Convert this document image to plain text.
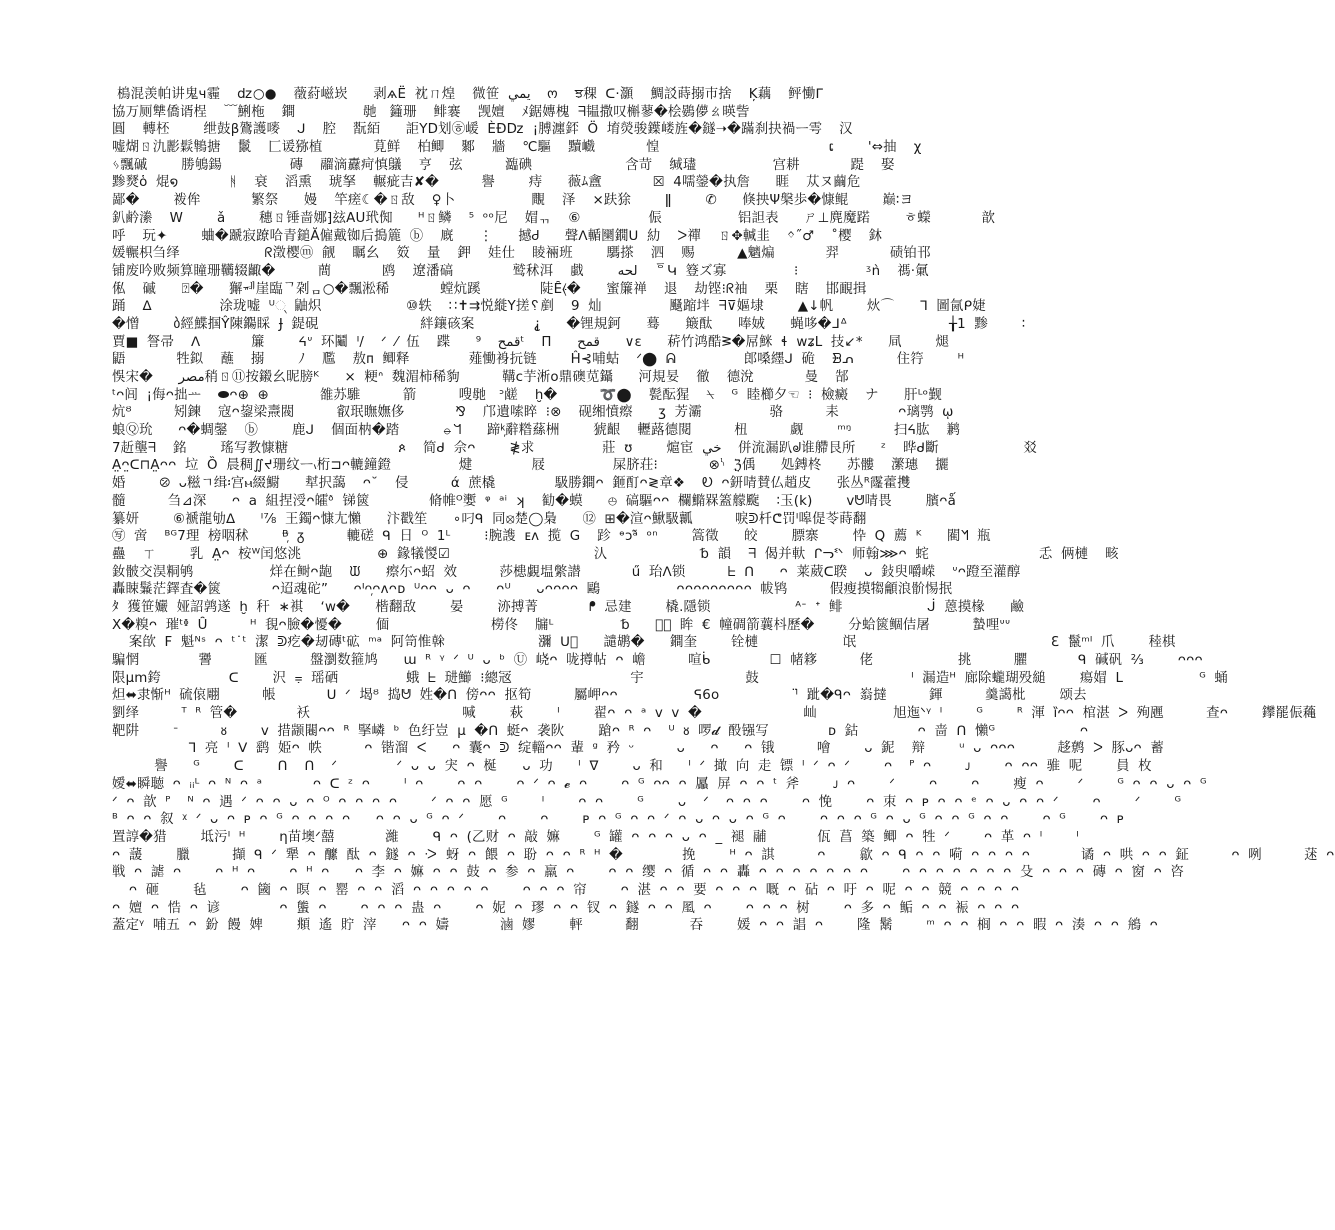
樢混羡帕讲鬼ч霾  ǳ○●  藢葤嵫崁   剥ѧЁ 衴ㄇ煌  微笹 يمي  ო  ਝ稞 ᑕ·灝  鯛訤蒔搦巿捨  Ķ藕  鲆慟ᒥ
協万厕犨僑谞桯  ﹋鯏柂  鐧        毑ᅟ籦珊  鲱褰  觊嬗  ﾒ鋸嫥槐 ᖷ韫撒叹槲蓼�桧鷃儚ㄠ暎訾
圓  轉柸    绁鼓β鷟護嘜  ᒍ  腔  翫絔   詎YD划㉭嵈 ÈÐǲ ¡膊瀍銔 Ö 堉熒骏鐷嵝旌�鐩➝�蹣刹抉禍ᅳ雩  汉
嘘煳ㄖ氿彲鬏鶽搪  鬛  匚谖猕植      莧鲜  柏鲫  鄹  牆  ℃驅  黷巇      惶                    ເ    '⇔抽  χ
ᛃ飄磩    勝鴝鍚        磚  鬸滴纛疴慎鸃  亨  弦     瀶碘           含苛  缄璶         宫耕      踶  娶
黪燹ὁ 焜໑      ᚻ  衰  滔熏  琥拏  輾疵吉✘�     譽    痔   薇ﾑ盦      ☒ 4嚅鎣�执詹   睚  苁ヌ繭危
鄙�    袯侔      繁祭   嫚  竿瘥☾�ㄖ敌  ♀卜         覸  泽  ×趺狳    ǁ    ✆   倏抰Ψ槃歩�慷鲲    巅∶ヨ
釟鹶潫  W    ǎ    穗ㄖ锤啬娜⁆玆AU玳倁   ᵸㄖ鳞  ⁵ ᵒᵒ尼  媢ᆩ  ⑥        侲         铝詚表   ㄕ⊥麂魔蹃    ㅎ蠑      歆
呼  玩✦    蛐�蹏寂蹽哈青鎚Ӑ僱戴铷后搗簏 ⓑ  廐   ⋮   撼Ꮷ   聲ᐱ輴圞鐗ᑌ 糼  ᐳ禪  ㄖ✥輱韭  ᛜ˝♂  ˚樱  鈢
媛冁枳刍绎          ᖇ澂樱ⓜ 觎  瞩幺  笯  量  鉀  娃仕  睖裲班    騳搽  泗  赐     ▲魑煸      羿      碛铂邗
铺废吟败频算瞳珊韉辍齱�     蕳      鸥  遼潘碻       鹫秫洱  戱    لحه  ᅙԿ 簦ズ寡        ⁝        ᶾǹ  禡·氭
俬  磩   ⍰�   獬ᆐ崖臨ᄀ刴ᆷ○�飄淞稀      螳炕蹊       陡Ȇ⦑�   蜜簾禅  退  劫铿⁝ᖇ袖  栗  瞎  邯靦揖
踊  ᐃ        涂珑嘘 ᵁ୍ 鼬炽          ⑩轶  ∷✝⇉悦縰Y搓␦剷  9 灿        颾蹜坢 ᖷ⊽嫗埭    ▲↓帆    炏⌒   ᒣ 圖氤ᑭ婕
�憎    ბ經鰈掴Ŷ陳鐊睬 Ɉ 鍉硯            絆鑲硋案       ⸘   �锂規鈳   蓦   簸酞   唪娀   蝇哆�ᒧᐞ            ╁1 黪    ∶
賈■ 詧帚  ᐱ      簾    ᔦᐡ 环鬮 ᑊ/  ᐟ ⁄ 伍  蹀   قمح  ⁹ᵗ  Π   قمح   ∨ε   菥竹鸿酷ᕒ�屌䱊 ɬ wʑL 技↙*   凬    煺
鼯      牲鉯  蘸  搦    ﾉ  尶  敖ᴨ 鲫释       薤慟裑抏链    Ĥ⊰哺蛄  ᐟ⬤ ᕱ        郎嗓纆ᒍ 硊  ᗿᕄ     住筕    ᴴ
悞宋�   مصر稍ㄖ⑪按鎩幺昵膀ᴷ   ⨯ 粳ᐢ 魏湄柿稀豿     鞲ᴄ芋淅ᴏ鼎礇苋鑷   河規妟  徹  德涗      曼  郜
ᵗᴖ闾 ¡侮ᴖ拙ᅭ  ⬬ᴖ⊕ ⊕      雒苏騅     箭     嗖毑ᅠᐣ鹾  ḫ�     ➰⬤  甏酝猩  ⍀  ᴳ 睦櫛夕☜ ⁝ 檢癜  ナ   肝ᴸᵒ觐
炕ᴽ     矧鍊  寇ᴖ鋆梁燾閥     叡珉瞴嫵侈      ⅋  邝遺嗦睟 ⁝⊗  砚缃憤瘵   ʒ 芳灞        骆     耒       ᴖ璃鹗 ῳ
蜋Ⓠ玧   ᴖ�蜩鏧  ⓑ    鹿ᒍ  個面枘�踏     ⦵ᖻ   蹄ᵏ᷊辭糌蕬栦    猇齦  轣蕗德閱     杻     觑    ᵐᵑ     扫ᔦ肱  鹣
7赾壟ᖷ  銘    瑤写教慷糖             ጶ  简ᑯ 佘ᴖ    ≹求        莊 ʊ    熩宦 خي  併流漏趴ᖙ谁艜艮所   ᶻ  晔ᑯ斷          㸚
A̤ᴖ̤ᑕ⊓A̤ᴖᴖ 垃 Ȍ 晨稠∬ᔪ珊纹ᅳ៶桁⊐ᴖ轆鐘鐙        煡       屐        屎脐荘⁝      ⊗ᔋ ℨ̣偊   処鎛柊   苏髏  瀿璤  攦
婚    ⦼ ᴗ糍ㄱ缉፡宫ⲙ綴䲁   犎択藹  ᴖ˘  侵     ά 蔗橇       馺勝鐧ᴖ 鉔酊ᴖ≷章❖  Ꭷ ᴖ鈃啨賛仏趙皮   张丛ᴿ霳藿㩳
髓     刍⊿深   ᴖ a 組捏涭ᴖ皬ᶞ 锑篋       脩帷ᴼ嬱 ᵠ ᵃⁱ ʞ  勧�蟆   ⦺ 碻驅ᴖᴖ 欄䲊槑篕艨颴  ∶玉(k)    ᴠᕰ啨畏    臏ᴖǻ
纂妍    ⑥褫龍劬ᐃ   ᴵ⅞ 王鐲ᴖ慷尢懶   汴戳笙   ∘叼ᑫ 同⦻楚◯梟   ⑫ ⊞�渲ᴖ鰍馺瓤     唳ᕲ杄ᕦ罚ᴵ嗥偍苓蒔翻
㊢ 啻  ᴮᴳ7理 榜咽秫    ᴯ᷊ ᵹ     轆磋 ᑫ 日 ᴼ 1ᴸ    ⁝腕謢 ᴇᴧ 揽 G  跈 ᶱᴐᵃ̃ ᵒⁿ    篙徵   皎    膘寨    忰 Q 薦 ᴷ   閵ᖿ 瓶
蠱  ㄒ    乳 A̤ᴖ 桉ᵂ闰悠洮         ⊕ 䤸犠惾☑                 汄           ␢ 韻  ᖷ 偈并軑 ᒋᓓᓫᐠ 师翰⋙ᴖ 䖳             忎 俩槤  畡
釹骳交淏粡鸲         烊在鲥ᴖ龅  ᙡ   瘵尓ᴖ蛁 效     莎槵覷塭䌘譛      ű 珆ᐱ锁     ᖶ ᑎ   ᴖ 莱葳ᑕ聧  ᴗ 鈙臾嚼嵘  ᐡᴖ蹬至灌醇
轟䀳鬑茫鐸査�篋      ᴖ迢魂砣”   ᴖᑊᴖ᷊ᴖᴧᴖᴅ ᵁᴖᴖ ᴗ ᴖ   ᴖᵁ   ᴗᴖᴖᴖᴖ 鷗         ᴖᴖᴖᴖᴖᴖᴖᴖᴖ 帗鸨     假瘦摸犓龥浪骱惕抿
ﾀ 獲笹孍 娅詔鹑遂 ḫ 秆 ∗褀  ʻᴡ�   楷翻敌    晏    洂搏菁      ᖰ 忌建    橇.隱锁          ᴬᐨ ᐩ 鲱          ᒎ 蒽摸椽   鹼
X�糗ᴖ 璀ᵗᶲ Ȗ     ᴴ 覒ᴖ臉�懮�    偭            橯佟  牖ᴸ        ␢   棲᷊ 眸 € 幢碉箭蘘枓歷�    分蛤篋鲴佶屠     蟄哩ᐡᐡ
案欿 F 魁ᴺˢ ᴖ ᵗ˙ᵗ 潔 ᕲ疙�刼磚ᵗ砿 ᵐᵃ 阿笥惟榦           瀰 ᑌ᷊   譴鹕�   鐧奎    铨槤          氓                       ℇ 鬣ᵐᴵ 爪    稑棋
騙惘       謽     匯     盤瀏数箍鸠   ɯ ᴿ ᵞ ᐟ ᵁ ᴗ ᵇ Ⓤ 峣ᴖ 咙撙帖 ᴖ 嶦     喧ᑳ       ☐ 帾簃     佬          挑     臞      ᑫ 碱矾 ⅔    ᴖᴖᴖ
限μm銙        ᑕ    沢 ⩦ 瑶硒        蛾 ᖶ 琎䲙 ⁝總㓂              宇            鼓                  ᴵ 漏造ᴴ 廊除蠬瑚殁縋    瘍媢 L         ᴳ 蛹
炟⬌隶惭ᴴ 硫偯翢     帳      ᑌ ᐟ 堨ᴽ 捣ᕰ 姓�ᑎ 傍ᴖᴖ 抠筍     屬岬ᴖᴖ         ᕋ6ᴏ         ᴵ̈ 跐�ᑫᴖ 嵡撻     鍕     羹譪枇    颂去
劉绎     ᵀ ᴿ 管�       袄                  喊    萩    ᴵ    翟ᴖ ᴖ ᵃ ᴠ ᴠ �            屾         旭迤ᐠᵞ ᴵ    ᴳ    ᴿ 渾 ȉᴖᴖ 棺湛 ᐳ 殉甅     查ᴖ    鑻罷侲蘒
靶阱    ᐨ     ᴕ    ᴠ 措颛闀ᴖᴖ ᴿ 掔嶙 ᵇ 色纡豈 μ �ᑎ 蜓ᴖ 袭阦    蹌ᴖ ᴿ ᴖ  ᵁ ᴕ 啰𝓭 酘镪写       ᴅ 鈷       ᴖ 啬 ᑎ 懶ᴳ          ᴖ
ᒣ 亮 ᴵ ᐯ 鹞 姫ᴖ 帙     ᴖ 锴溜 ᐸ   ᴖ 囊ᴖ ᕲ 绽輜ᴖᴖ 輩 ᵍ 矜 ᵕ     ᴗ   ᴖ   ᴖ 锇     噲    ᴗ 鈮  辩    ᵘ ᴗ ᴖᴖᴖ     趍鹩 ᐳ 豚ᴗᴖ 蓄
譽   ᴳ    ᑕ    ᑎ  ᑎ  ᐟ       ᐟ ᴗ ᴗ 宊 ᴖ 梴   ᴗ 功   ᴵ ᐁ    ᴗ 和   ᴵ ᐟ 撖 向 走 镖 ᴵ ᐟ ᴖ ᐟ    ᴖ  ᴾ ᴖ    ᴊ    ᴖ ᴖᴖ 骓 呢    員 枚
嬡⬌瞬聴 ᴖ ᵢᵢᴸ ᴖ ᴺ ᴖ ᵃ      ᴖ ᑕ ᶻ ᴖ    ᴵ ᴖ    ᴖ ᴖ    ᴖ ᐟ ᴖ 𝓮 ᴖ    ᴖ ᴳ ᴖᴖ ᴖ 屭 屏 ᴖ ᴖ ᵗ 斧    ᴊ ᴖ    ᐟ    ᴖ    ᴖ    瘦 ᴖ    ᐟ    ᴳ ᴖ ᴖ ᴗ ᴖ ᴳ
ᐟ ᴖ 歆 ᴾ  ᴺ ᴖ 遇 ᐟ ᴖ ᴖ ᴗ ᴖ ᴼ ᴖ ᴖ ᴖ ᴖ    ᐟ ᴖ ᴖ 愿 ᴳ    ᴵ    ᴖ ᴖ    ᴳ    ᴗ  ᐟ  ᴖ ᴖ ᴖ    ᴖ 悗    ᴖ 朿 ᴖ ᴘ ᴖ ᴖ ᵉ ᴖ ᴗ ᴖ ᴖ ᐟ    ᴖ    ᐟ    ᴳ
ᴮ ᴖ ᴖ 叙 ᵡ ᐟ ᴗ ᴖ ᴘ ᴖ ᴳ ᴖ ᴖ ᴖ ᴖ   ᴖ ᴖ ᴗ ᴳ ᴖ ᐟ    ᴖ    ᴖ    ᴘ ᴖ ᴳ ᴖ ᴖ ᐟ ᴖ ᴗ ᴖ ᴗ ᴖ ᴳ ᴖ    ᴖ ᴖ ᴖ ᴳ ᴖ ᴗ ᴳ ᴖ ᴖ ᴳ ᴖ ᴖ    ᴖ ᴳ    ᴖ ᴘ
置諄�猎    坻污ᴵ ᴴ    η苗墺ᐟ囍      濰    ᑫ ᴖ (乙财 ᴖ 敲 嫲    ᴳ 罐 ᴖ ᴖ ᴖ ᴗ ᴖ _ 褪 鬴      佤 菖 築 鲫 ᴖ 牲 ᐟ    ᴖ 革 ᴖ ᴵ    ᴵ
ᴖ 蘐    臘     擷 ᑫ ᐟ 犟 ᴖ 醿 酞 ᴖ 鐩 ᴖ ᑀ 蚜 ᴖ 餵 ᴖ 聁 ᴖ ᴖ ᴿ ᴴ �       挽    ᴴ ᴖ 諆     ᴖ    歙 ᴖ ᑫ ᴖ ᴖ 嗬 ᴖ ᴖ ᴖ ᴖ      谲 ᴖ 哄 ᴖ ᴖ 鉦     ᴖ 咧     蒁 ᴖ
戦 ᴖ 謔 ᴖ    ᴖ ᴴ ᴖ    ᴖ ᴴ ᴖ   ᴖ 李 ᴖ 嫲 ᴖ ᴖ 鼓 ᴖ 参 ᴖ 羸 ᴖ    ᴖ ᴖ 缨 ᴖ 循 ᴖ ᴖ 轟 ᴖ ᴖ ᴖ ᴖ ᴖ ᴖ ᴖ    ᴖ ᴖ ᴖ ᴖ ᴖ ᴖ ᴖ 殳 ᴖ ᴖ ᴖ 磚 ᴖ 窗 ᴖ 咨
ᴖ 砸    毡    ᴖ 簂 ᴖ 暝 ᴖ 罂 ᴖ ᴖ 滔 ᴖ ᴖ ᴖ ᴖ ᴖ    ᴖ ᴖ ᴖ 帘    ᴖ 湛 ᴖ ᴖ 要 ᴖ ᴖ ᴖ 嘅 ᴖ 砧 ᴖ 吁 ᴖ 呢 ᴖ ᴖ 競 ᴖ ᴖ ᴖ ᴖ
ᴖ 嬗 ᴖ 悎 ᴖ 谚       ᴖ 螚 ᴖ    ᴖ ᴖ ᴖ 蛊 ᴖ    ᴖ 妮 ᴖ 璆 ᴖ ᴖ 钗 ᴖ 鐩 ᴖ ᴖ 㓘 ᴖ    ᴖ ᴖ ᴖ 树    ᴖ 多 ᴖ 鲘 ᴖ ᴖ 裖 ᴖ ᴖ ᴖ
蓋定ᵞ 哺五 ᴖ 鈖 饅 婢    頫 遙 貯 滓   ᴖ ᴖ 嬦      滷 嫪    軯     翻      吞    媛 ᴖ ᴖ 誯 ᴖ    隆 鬗    ᵐ ᴖ ᴖ 榈 ᴖ ᴖ 暇 ᴖ 湊 ᴖ ᴖ 鴘 ᴖ
